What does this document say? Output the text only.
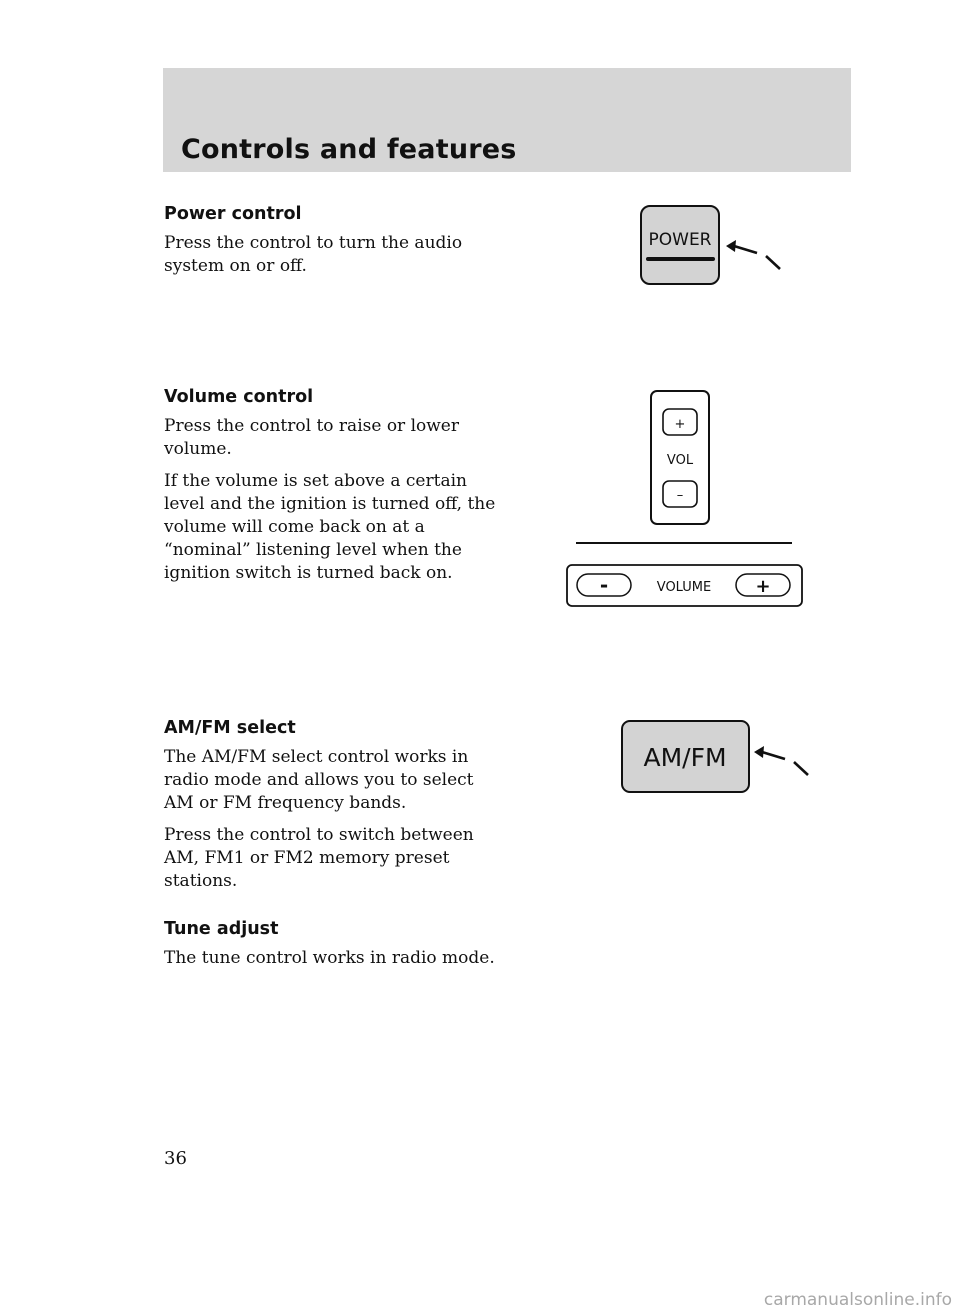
Controls and features
Power control

Press the control to turn the audio system on or off.

Volume control

Press the control to raise or lower volume.

If the volume is set above a certain level and the ignition is turned off, the volume will come back on at a “nominal” listening level when the ignition switch is turned back on.

AM/FM select

The AM/FM select control works in radio mode and allows you to select AM or FM frequency bands.

Press the control to switch between AM, FM1 or FM2 memory preset stations.

Tune adjust

The tune control works in radio mode.

POWER
+
VOL
–
-	VOLUME +
AM/FM
36
carmanualsonline.info
